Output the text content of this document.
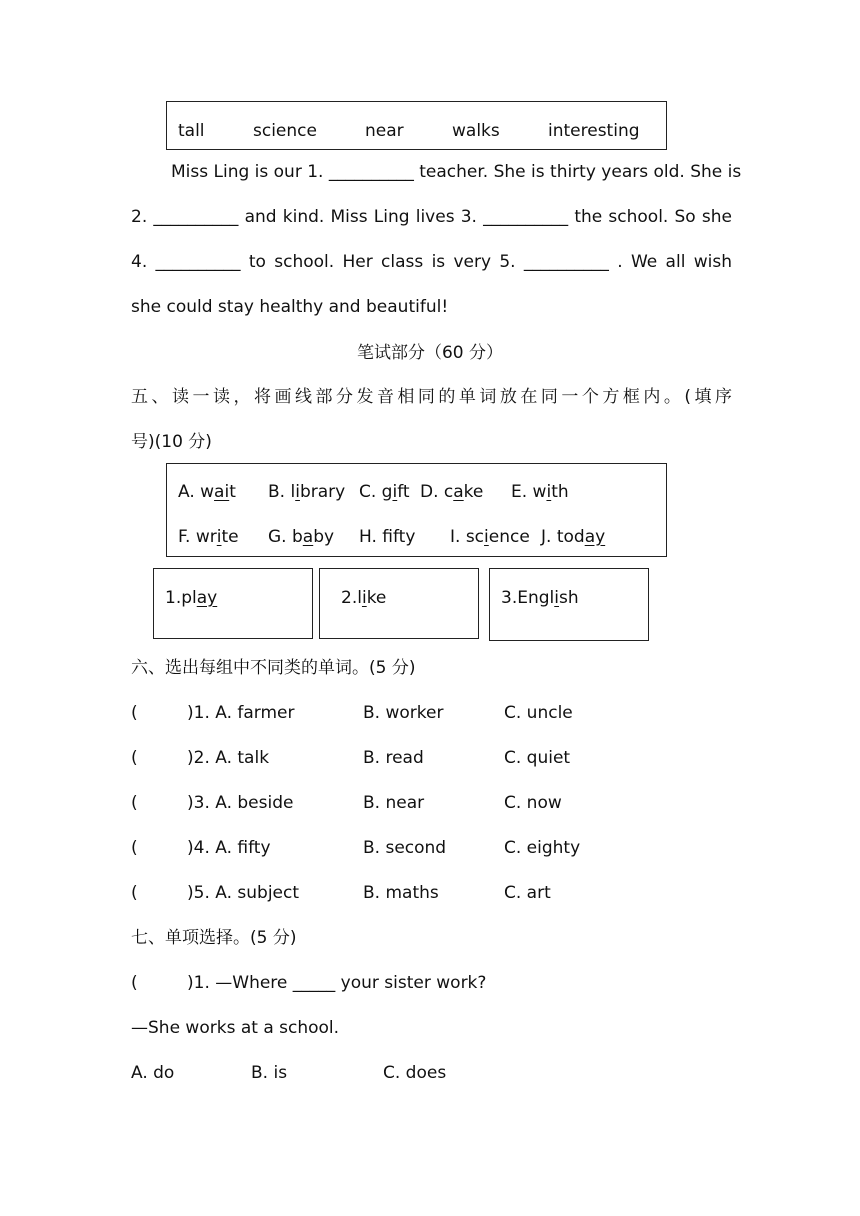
tall	science	near	walks	interesting
Miss Ling is our 1. __________ teacher. She is thirty years old. She is
2. __________ and kind. Miss Ling lives 3. __________ the school. So she
4. __________ to school. Her class is very 5. __________ . We all wish
she could stay healthy and beautiful!
笔试部分（60 分）
五、读一读，将画线部分发音相同的单词放在同一个方框内。(填序
号)(10 分)
A. wait B. library C. gift D. cake E. with
F. write G. baby H. ffty I. science J. today
1.play	2.like	3.English
六、选出每组中不同类的单词。(5 分)
(	)1. A. farmer	B. worker	C. uncle
(	)2. A. talk	B. read	C. quiet
(	)3. A. beside	B. near	C. now
(	)4. A. fifty	B. second	C. eighty
(	)5. A. subject	B. maths	C. art
七、单项选择。(5 分)
(	)1. —Where _____ your sister work?
—She works at a school.
A. do	B. is	C. does
